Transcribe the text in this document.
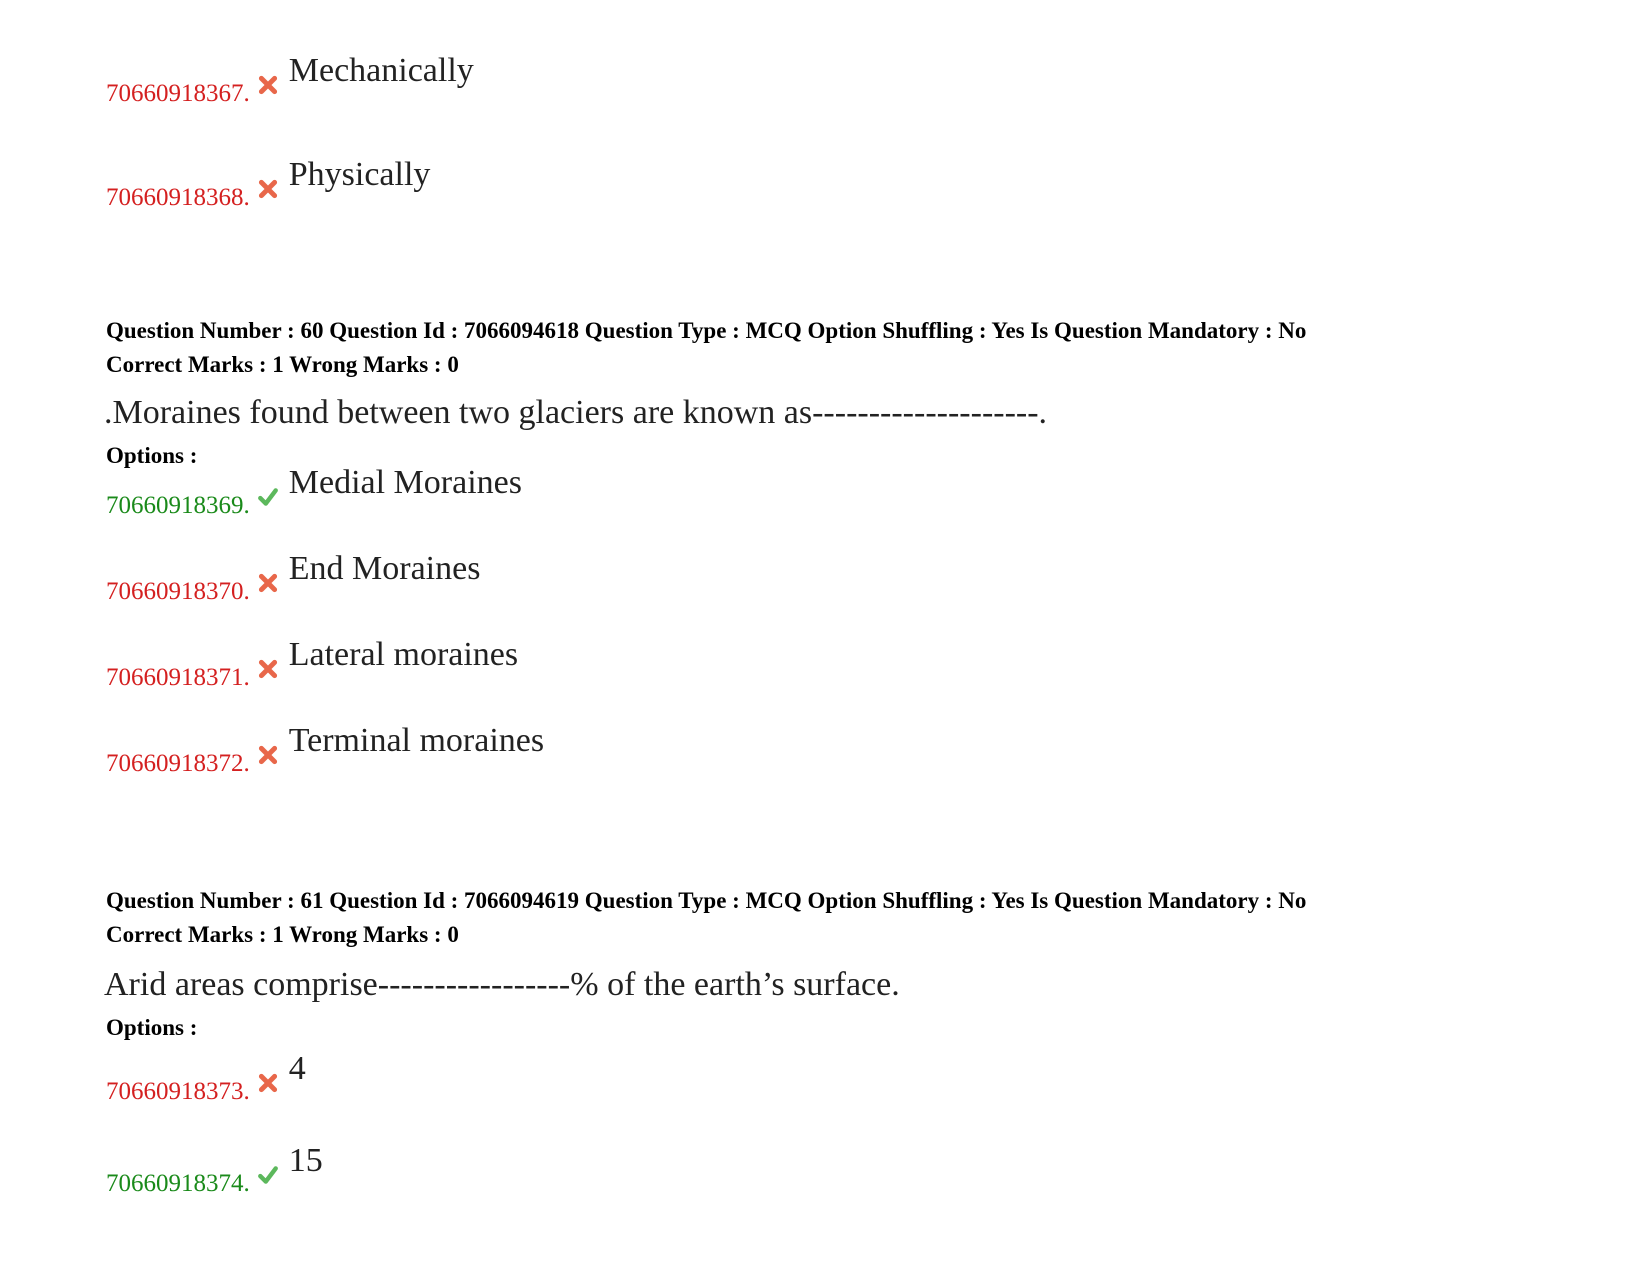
70660918367.
Mechanically
70660918368.
Physically

Question Number : 60 Question Id : 7066094618 Question Type : MCQ Option Shuffling : Yes Is Question Mandatory : No

Correct Marks : 1 Wrong Marks : 0

.Moraines found between two glaciers are known as--------------------.
Options :
70660918369.
Medial Moraines
70660918370.
End Moraines
70660918371.
Lateral moraines
70660918372.
Terminal moraines

Question Number : 61 Question Id : 7066094619 Question Type : MCQ Option Shuffling : Yes Is Question Mandatory : No

Correct Marks : 1 Wrong Marks : 0

Arid areas comprise-----------------% of the earth’s surface.
Options :
70660918373.
4
70660918374.
15
